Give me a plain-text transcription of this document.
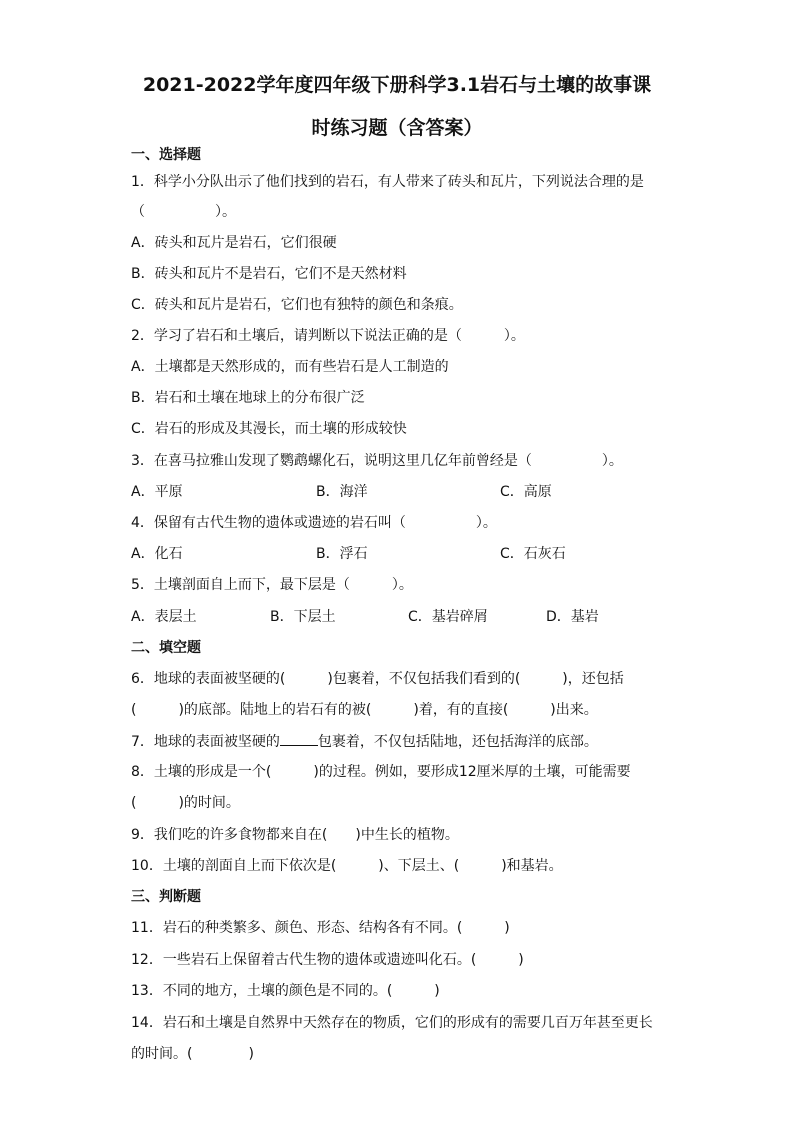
2021-2022学年度四年级下册科学3.1岩石与土壤的故事课
时练习题（含答案）
一、选择题
1．科学小分队出示了他们找到的岩石，有人带来了砖头和瓦片，下列说法合理的是
（　　　　　）。
A．砖头和瓦片是岩石，它们很硬
B．砖头和瓦片不是岩石，它们不是天然材料
C．砖头和瓦片是岩石，它们也有独特的颜色和条痕。
2．学习了岩石和土壤后，请判断以下说法正确的是（　　　）。
A．土壤都是天然形成的，而有些岩石是人工制造的
B．岩石和土壤在地球上的分布很广泛
C．岩石的形成及其漫长，而土壤的形成较快
3．在喜马拉雅山发现了鹦鹉螺化石，说明这里几亿年前曾经是（　　　　　）。
A．平原	B．海洋	C．高原
4．保留有古代生物的遗体或遗迹的岩石叫（　　　　　）。
A．化石	B．浮石	C．石灰石
5．土壤剖面自上而下，最下层是（　　　）。
A．表层土	B．下层土	C．基岩碎屑	D．基岩
二、填空题
6．地球的表面被坚硬的(　　　)包裹着，不仅包括我们看到的(　　　)，还包括
(　　　)的底部。陆地上的岩石有的被(　　　)着，有的直接(　　　)出来。
7．地球的表面被坚硬的	包裹着，不仅包括陆地，还包括海洋的底部。
8．土壤的形成是一个(　　　)的过程。例如，要形成12厘米厚的土壤，可能需要
(　　　)的时间。
9．我们吃的许多食物都来自在(　　)中生长的植物。
10．土壤的剖面自上而下依次是(　　　)、下层土、(　　　)和基岩。
三、判断题
11．岩石的种类繁多、颜色、形态、结构各有不同。(　　　)
12．一些岩石上保留着古代生物的遗体或遗迹叫化石。(　　　)
13．不同的地方，土壤的颜色是不同的。(　　　)
14．岩石和土壤是自然界中天然存在的物质，它们的形成有的需要几百万年甚至更长
的时间。(　　　　)
